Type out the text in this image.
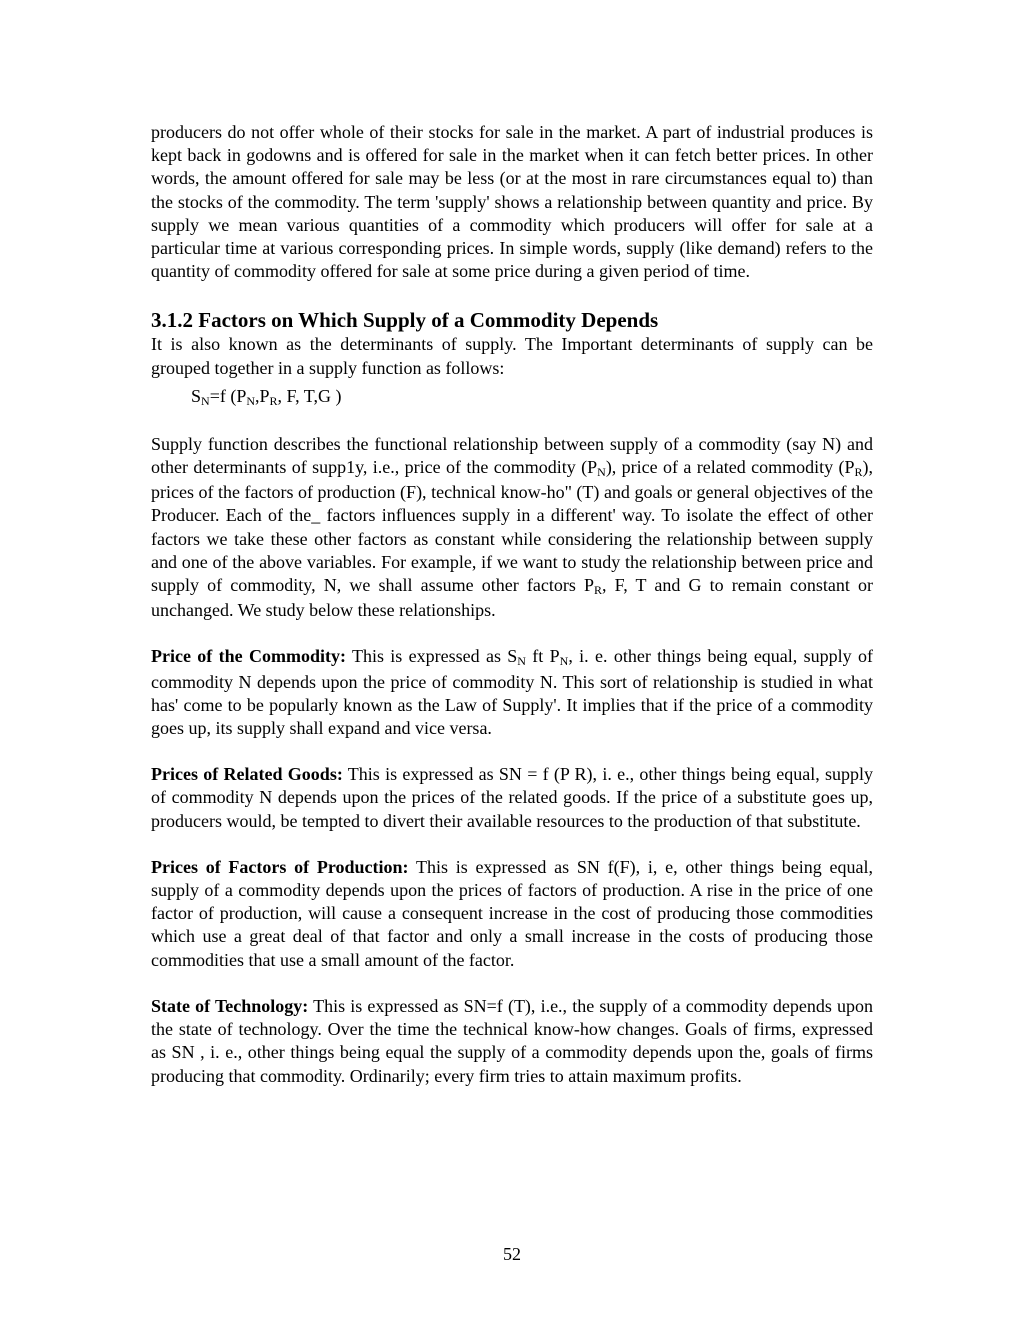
producers do not offer whole of their stocks for sale in the market. A part of industrial produces is kept back in godowns and is offered for sale in the market when it can fetch better prices. In other words, the amount offered for sale may be less (or at the most in rare circumstances equal to) than the stocks of the commodity. The term 'supply' shows a relationship between quantity and price. By supply we mean various quantities of a commodity which producers will offer for sale at a particular time at various corresponding prices. In simple words, supply (like demand) refers to the quantity of commodity offered for sale at some price during a given period of time.

3.1.2 Factors on Which Supply of a Commodity Depends

It is also known as the determinants of supply. The Important determinants of supply can be grouped together in a supply function as follows:

$S_N=f$ ($P_N,P_R$, F, T,G )

Supply function describes the functional relationship between supply of a commodity (say N) and other determinants of supp1y, i.e., price of the commodity $(P_N)$, price of a related commodity $(P_R)$, prices of the factors of production (F), technical know-ho" (T) and goals or general objectives of the Producer. Each of the_ factors influences supply in a different' way. To isolate the effect of other factors we take these other factors as constant while considering the relationship between supply and one of the above variables. For example, if we want to study the relationship between price and supply of commodity, N, we shall assume other factors $P_R$, F, T and G to remain constant or unchanged. We study below these relationships.

Price of the Commodity: This is expressed as $S_N$ ft $P_N$, i. e. other things being equal, supply of commodity N depends upon the price of commodity N. This sort of relationship is studied in what has' come to be popularly known as the Law of Supply'. It implies that if the price of a commodity goes up, its supply shall expand and vice versa.

Prices of Related Goods: This is expressed as SN = f (P R), i. e., other things being equal, supply of commodity N depends upon the prices of the related goods. If the price of a substitute goes up, producers would, be tempted to divert their available resources to the production of that substitute.

Prices of Factors of Production: This is expressed as SN f(F), i, e, other things being equal, supply of a commodity depends upon the prices of factors of production. A rise in the price of one factor of production, will cause a consequent increase in the cost of producing those commodities which use a great deal of that factor and only a small increase in the costs of producing those commodities that use a small amount of the factor.

State of Technology: This is expressed as SN=f (T), i.e., the supply of a commodity depends upon the state of technology. Over the time the technical know-how changes. Goals of firms, expressed as SN , i. e., other things being equal the supply of a commodity depends upon the, goals of firms producing that commodity. Ordinarily; every firm tries to attain maximum profits.

52
